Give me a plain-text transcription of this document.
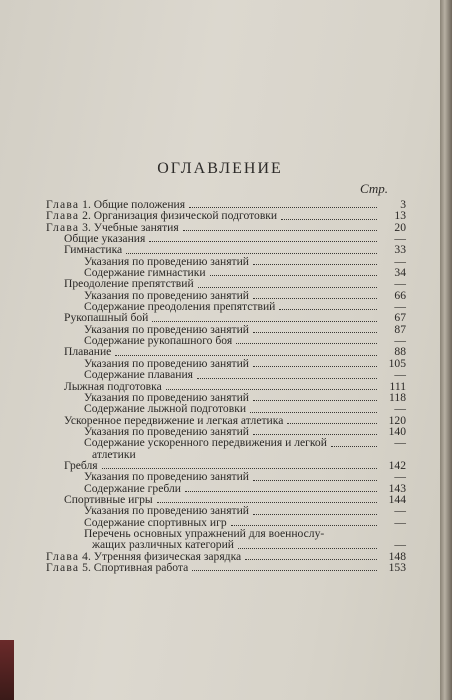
ОГЛАВЛЕНИЕ
Стр.
Глава 1. Общие положения	3
Глава 2. Организация физической подготовки	13
Глава 3. Учебные занятия	20
Общие указания	—
Гимнастика	33
Указания по проведению занятий	—
Содержание гимнастики	34
Преодоление препятствий	—
Указания по проведению занятий	66
Содержание преодоления препятствий	—
Рукопашный бой	67
Указания по проведению занятий	87
Содержание рукопашного боя	—
Плавание	88
Указания по проведению занятий	105
Содержание плавания	—
Лыжная подготовка	111
Указания по проведению занятий	118
Содержание лыжной подготовки	—
Ускоренное передвижение и легкая атлетика	120
Указания по проведению занятий	140
Содержание ускоренного передвижения и легкой	—
атлетики
Гребля	142
Указания по проведению занятий	—
Содержание гребли	143
Спортивные игры	144
Указания по проведению занятий	—
Содержание спортивных игр	—
Перечень основных упражнений для военнослу-
жащих различных категорий	—
Глава 4. Утренняя физическая зарядка	148
Глава 5. Спортивная работа	153
